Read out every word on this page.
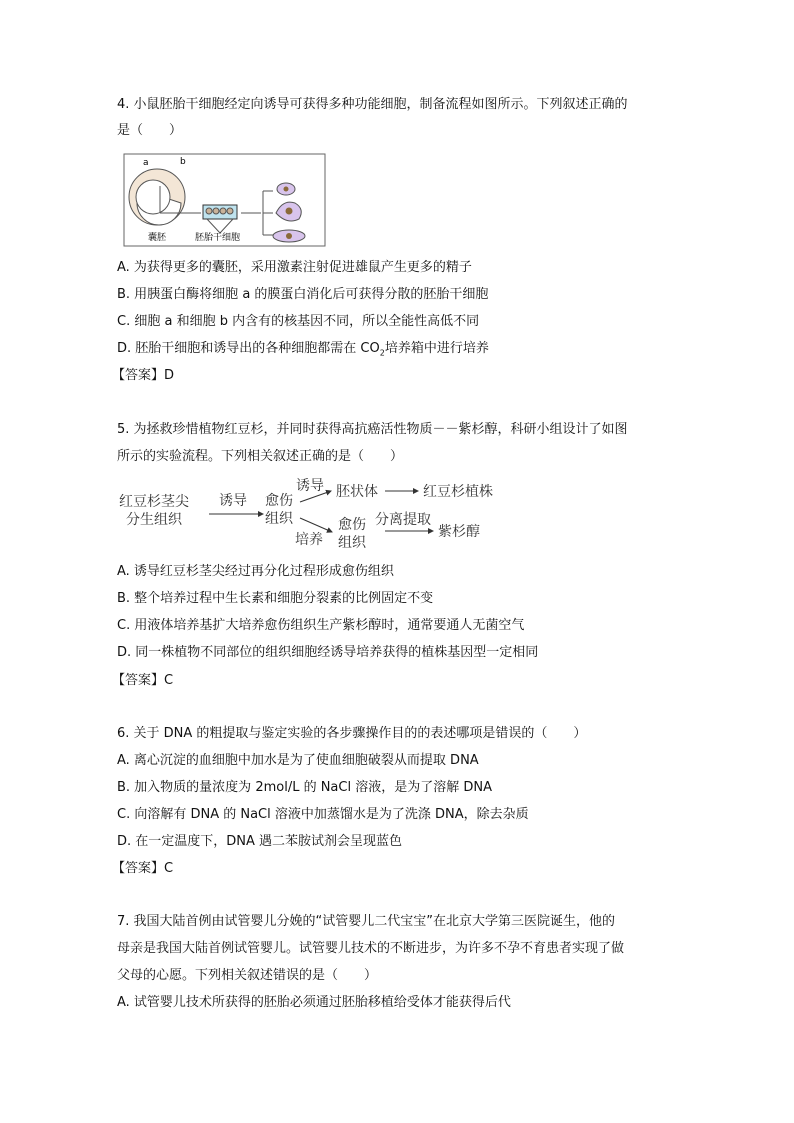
4. 小鼠胚胎干细胞经定向诱导可获得多种功能细胞，制备流程如图所示。下列叙述正确的
是（　　）
a	b
囊胚	胚胎干细胞
A. 为获得更多的囊胚，采用激素注射促进雄鼠产生更多的精子
B. 用胰蛋白酶将细胞 a 的膜蛋白消化后可获得分散的胚胎干细胞
C. 细胞 a 和细胞 b 内含有的核基因不同，所以全能性高低不同
D. 胚胎干细胞和诱导出的各种细胞都需在 $CO_2$培养箱中进行培养
【答案】D
5. 为拯救珍惜植物红豆杉，并同时获得高抗癌活性物质－－紫杉醇，科研小组设计了如图
所示的实验流程。下列相关叙述正确的是（　　）
红豆杉茎尖
分生组织
诱导 愈伤
组织
诱导 胚状体	红豆杉植株
培养
愈伤
组织
分离提取
紫杉醇
A. 诱导红豆杉茎尖经过再分化过程形成愈伤组织
B. 整个培养过程中生长素和细胞分裂素的比例固定不变
C. 用液体培养基扩大培养愈伤组织生产紫杉醇时，通常要通人无菌空气
D. 同一株植物不同部位的组织细胞经诱导培养获得的植株基因型一定相同
【答案】C
6. 关于 DNA 的粗提取与鉴定实验的各步骤操作目的的表述哪项是错误的（　　）
A. 离心沉淀的血细胞中加水是为了使血细胞破裂从而提取 DNA
B. 加入物质的量浓度为 2mol/L 的 NaCl 溶液，是为了溶解 DNA
C. 向溶解有 DNA 的 NaCl 溶液中加蒸馏水是为了洗涤 DNA，除去杂质
D. 在一定温度下，DNA 遇二苯胺试剂会呈现蓝色
【答案】C
7. 我国大陆首例由试管婴儿分娩的“试管婴儿二代宝宝”在北京大学第三医院诞生，他的
母亲是我国大陆首例试管婴儿。试管婴儿技术的不断进步，为许多不孕不育患者实现了做
父母的心愿。下列相关叙述错误的是（　　）
A. 试管婴儿技术所获得的胚胎必须通过胚胎移植给受体才能获得后代
